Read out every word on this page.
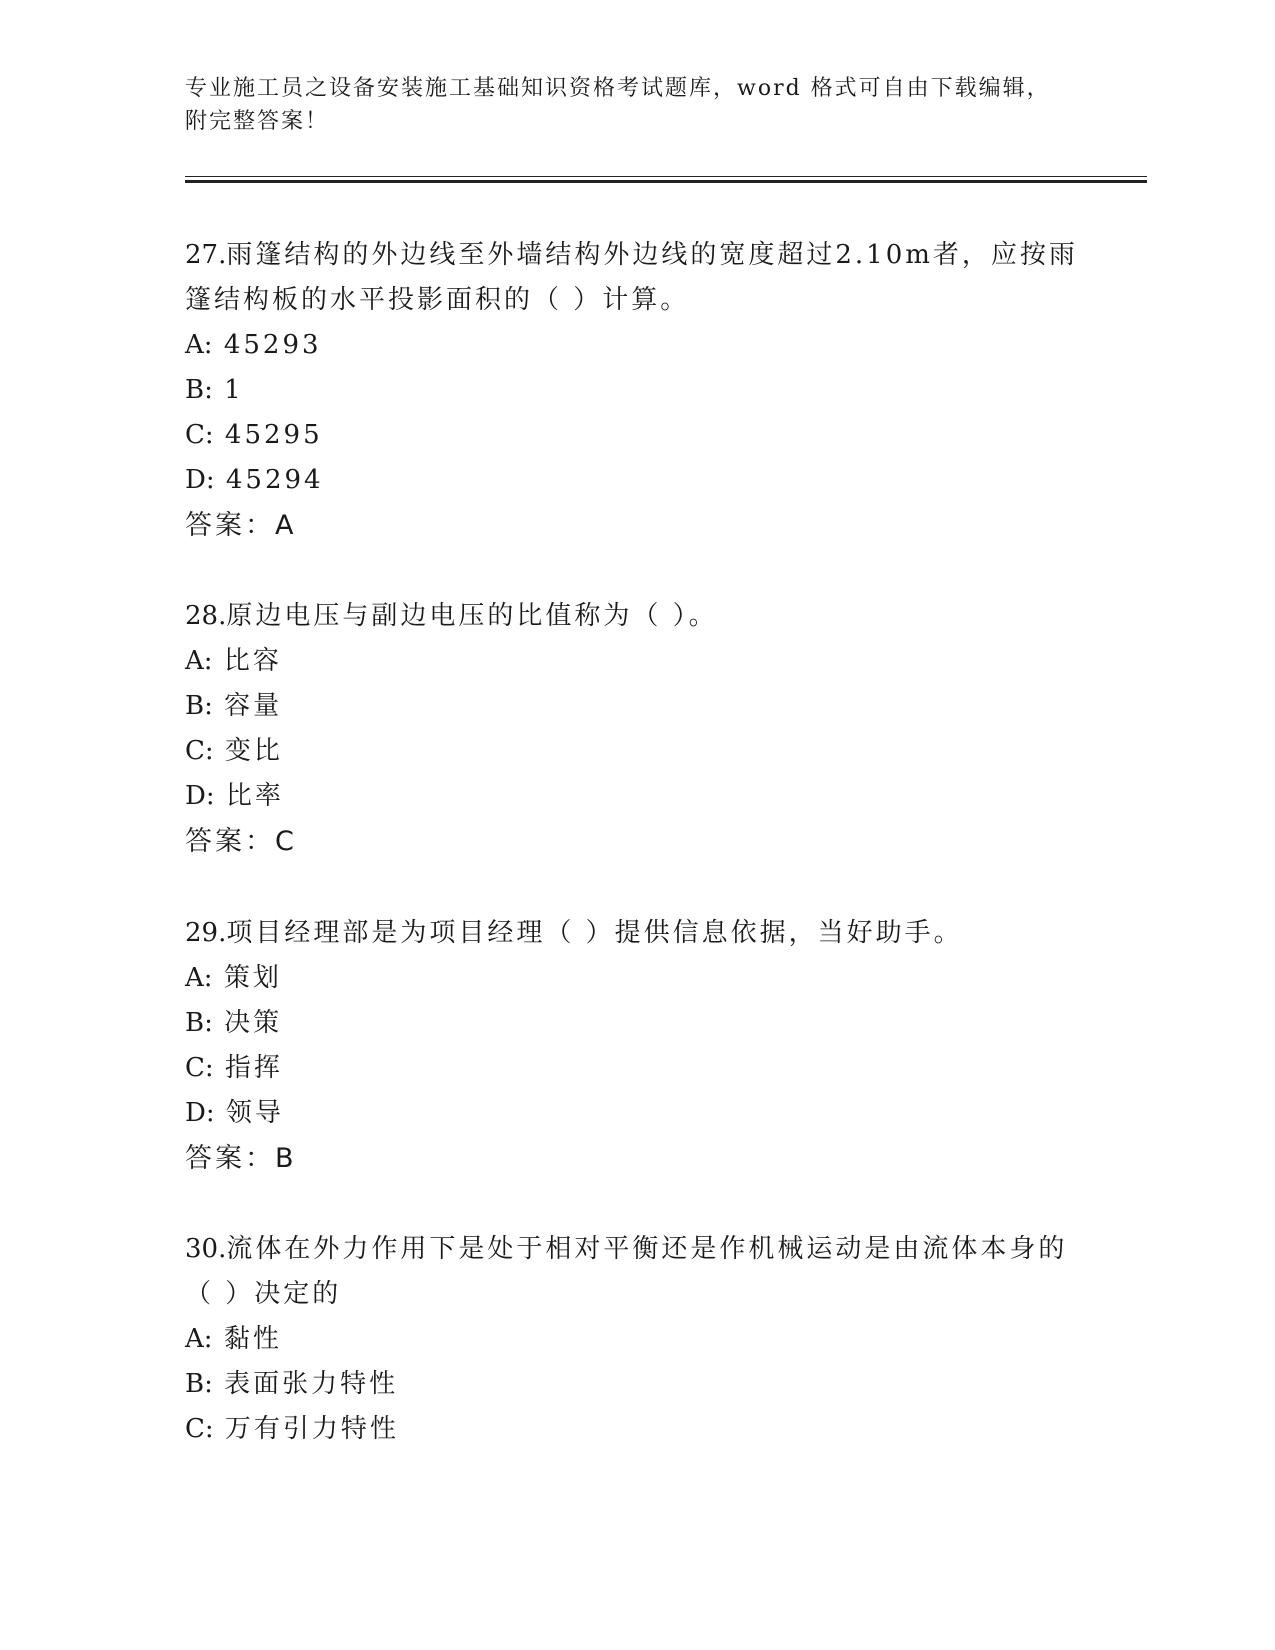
专业施工员之设备安装施工基础知识资格考试题库，word 格式可自由下载编辑，
附完整答案！

27.雨篷结构的外边线至外墙结构外边线的宽度超过2.10m者，应按雨篷结构板的水平投影面积的（ ）计算。

A: 45293

B: 1

C: 45295

D: 45294

答案：A

28.原边电压与副边电压的比值称为（ ）。

A: 比容

B: 容量

C: 变比

D: 比率

答案：C

29.项目经理部是为项目经理（ ）提供信息依据，当好助手。

A: 策划

B: 决策

C: 指挥

D: 领导

答案：B

30.流体在外力作用下是处于相对平衡还是作机械运动是由流体本身的（ ）决定的

A: 黏性

B: 表面张力特性

C: 万有引力特性
